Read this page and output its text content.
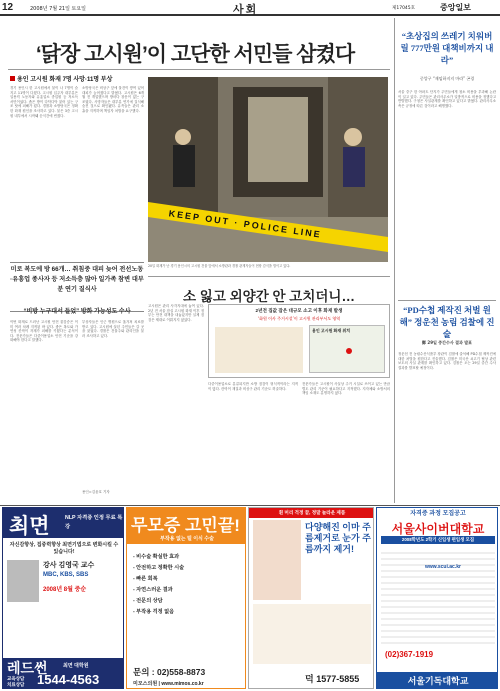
12	2008년 7월 21일 토요일	사회	제17045호	중앙일보
‘닭장 고시원’이 고단한 서민들 삼켰다
용인 고시원 화재 7명 사망·11명 부상
경기 용인시 한 고시원에서 불이 나 7명이 숨지고 11명이 다쳤다. 고시원 입주자 대부분은 일용직 노동자와 유흥업소 종업원 등 저소득 서민이었다. 좁은 방이 다닥다닥 붙어 있는 구조 탓에 피해가 컸다. 경찰과 소방당국은 정확한 화재 원인을 조사하고 있다. 불은 3층 고시원 내부에서 시작돼 순식간에 번졌다.
소방당국은 비상구 앞에 물건이 쌓여 있어 대피가 늦어졌다고 밝혔다. 고시원은 6개월 전 개업했으며 방마다 창문이 없는 구조였다. 사망자들은 대부분 연기에 질식해 숨진 것으로 확인됐다. 유족들은 관리 소홀을 지적하며 책임자 처벌을 요구했다.
KEEP OUT · POLICE LINE
20일 화재가 난 경기 용인시의 고시원 건물 앞에서 소방관과 경찰 관계자들이 현장 감식을 벌이고 있다.
미로 복도에 방 66개… 취침중 대피 늦어 전선노동·유흥업 종사자 등 저소득층 많아 일가족 참변 대부분 연기 질식사
“비방 누구대서 들었” 방화 가능성도 수사
이번 화재로 드러난 고시원 안전 불감증은 이미 여러 차례 지적된 바 있다. 좁은 복도와 가연성 칸막이 자재가 피해를 키웠다는 분석이다. 전문가들은 다중이용업소 안전 기준을 강화해야 한다고 말했다.
부상자들은 인근 병원으로 옮겨져 치료를 받고 있다. 고시원에 살던 주민들은 갈 곳을 잃었다. 경찰은 건물주와 관리인을 불러 조사하고 있다.
용인=김윤호 기자
“초상집의 쓰레기 치워버릴 777만원 대책비까지 내라”
중앙구 “재임하지지 마라” 곤경
서울 중구 한 아파트 단지가 주민들에게 청소 비용을 부과해 논란이 일고 있다. 주민들은 관리사무소가 일방적으로 비용을 정했다고 반발했다. 구청은 사실관계를 확인하고 있다고 밝혔다. 관리사무소 측은 규정에 따른 것이라고 해명했다.
“PD수첩 제작진 처벌 원해” 정운천 농림 검찰에 진술
鄭 29일 중간수사 결과 발표
정운천 전 농림수산식품부 장관이 검찰에 출석해 PD수첩 제작진에 대한 처벌을 원한다고 진술했다. 검찰은 미국산 쇠고기 협상 관련 보도의 사실 관계를 확인하고 있다. 검찰은 오는 29일 중간 수사 결과를 발표할 예정이다.
소 잃고 외양간 안 고치더니…
고시원은 관리 사각지대에 놓여 있다. 2년 전 서울 잠실 고시원 화재 이후 정부는 안전 대책을 내놓았지만 실제 점검은 제대로 이뤄지지 않았다.
2년전 집값 잡은 대규모 소고 이후 화재 발생
‘화원 이사 주거시설’이 고시원 관리부서도 영역
용인 고시원 화재 위치
다중이용업소로 분류되지만 소방 점검이 형식적이라는 지적이 많다. 칸막이 재질과 비상구 관리 기준도 허술하다.
전문가들은 고시원이 사실상 주거 시설로 쓰이고 있는 만큼 별도 관리 기준이 필요하다고 지적했다. 지자체와 소방서의 책임 소재도 분명하지 않다.
최면	NLP 자격증 인정 무료 특강
자신감향상, 집중력향상 최면기법으로 변화시킬 수 있습니다!
강사 김영국 교수
MBC, KBS, SBS
2008년 8월 중순
레드썬	최면 대학원
교육상담 치료상담 1544-4563
무모증 고민끝!
부작용 없는 털 이식 수술
- 비수술 확실한 효과
- 안전하고 정확한 시술
- 빠른 회복
- 자연스러운 결과
- 전문의 상담
- 부작용 걱정 없음
문의 : 02)558-8873
미모스의원 | www.mimos.co.kr
흰 머리 걱정 끝, 정말 놀라운 제품
다양해진 이마 주름제거로 눈가 주름까지 제거!
덕 1577-5855
자격증 과정 모집공고
서울사이버대학교
2008학년도 2학기 신입생 편입생 모집
www.scui.ac.kr
(02)367-1919
서울기독대학교
